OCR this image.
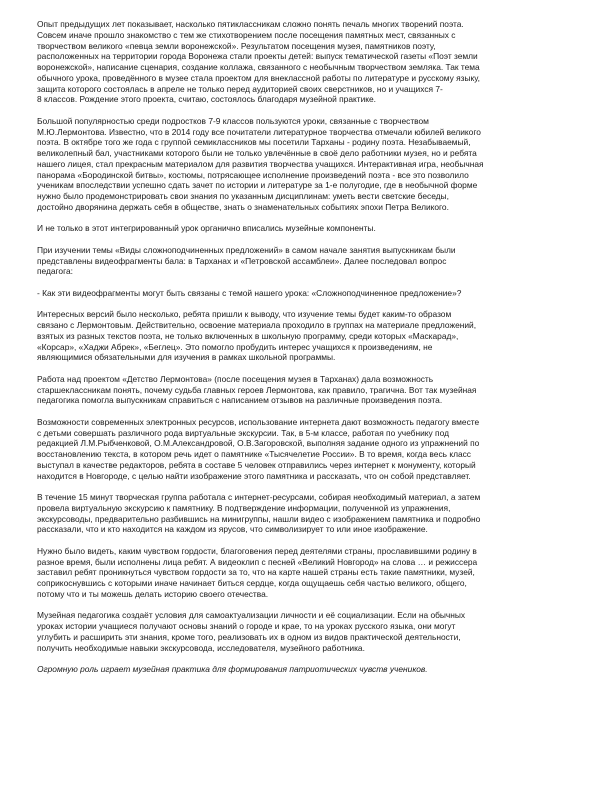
Опыт предыдущих лет показывает, насколько пятиклассникам сложно понять печаль многих творений поэта.
Совсем иначе прошло знакомство с тем же стихотворением после посещения памятных мест, связанных с
творчеством великого «певца земли воронежской». Результатом посещения музея, памятников поэту,
расположенных на территории города Воронежа стали проекты детей: выпуск тематической газеты «Поэт земли
воронежской», написание сценария, создание коллажа, связанного с необычным творчеством земляка. Так тема
обычного урока, проведённого в музее стала проектом для внеклассной работы по литературе и русскому языку,
защита которого состоялась в апреле не только перед аудиторией своих сверстников, но и учащихся 7-
8 классов. Рождение этого проекта, считаю, состоялось благодаря музейной практике.

Большой популярностью среди подростков 7-9 классов пользуются уроки, связанные с творчеством
М.Ю.Лермонтова. Известно, что в 2014 году все почитатели литературное творчества отмечали юбилей великого
поэта. В октябре того же года с группой семиклассников мы посетили Тарханы - родину поэта. Незабываемый,
великолепный бал, участниками которого были не только увлечённые в своё дело работники музея, но и ребята
нашего лицея, стал прекрасным материалом для развития творчества учащихся. Интерактивная игра, необычная
панорама «Бородинской битвы», костюмы, потрясающее исполнение произведений поэта - все это позволило
ученикам впоследствии успешно сдать зачет по истории и литературе за 1-е полугодие, где в необычной форме
нужно было продемонстрировать свои знания по указанным дисциплинам: уметь вести светские беседы,
достойно дворянина держать себя в обществе, знать о знаменательных событиях эпохи Петра Великого.

И не только в этот интегрированный урок органично вписались музейные компоненты.

При изучении темы «Виды сложноподчиненных предложений» в самом начале занятия выпускникам были
представлены видеофрагменты бала: в Тарханах и «Петровской ассамблеи». Далее последовал вопрос
педагога:

- Как эти видеофрагменты могут быть связаны с темой нашего урока: «Сложноподчиненное предложение»?

Интересных версий было несколько, ребята пришли к выводу, что изучение темы будет каким-то образом
связано с Лермонтовым. Действительно, освоение материала проходило в группах на материале предложений,
взятых из разных текстов поэта, не только включенных в школьную программу, среди которых «Маскарад»,
«Корсар», «Хаджи Абрек», «Беглец». Это помогло пробудить интерес учащихся к произведениям, не
являющимися обязательными для изучения в рамках школьной программы.

Работа над проектом «Детство Лермонтова» (после посещения музея в Тарханах) дала возможность
старшеклассникам понять, почему судьба главных героев Лермонтова, как правило, трагична. Вот так музейная
педагогика помогла выпускникам справиться с написанием отзывов на различные произведения поэта.

Возможности современных электронных ресурсов, использование интернета дают возможность педагогу вместе
с детьми совершать различного рода виртуальные экскурсии. Так, в 5-м классе, работая по учебнику под
редакцией Л.М.Рыбченковой, О.М.Александровой, О.В.Загоровской, выполняя задание одного из упражнений по
восстановлению текста, в котором речь идет о памятнике «Тысячелетие России». В то время, когда весь класс
выступал в качестве редакторов, ребята в составе 5 человек отправились через интернет к монументу, который
находится в Новгороде, с целью найти изображение этого памятника и рассказать, что он собой представляет.

В течение 15 минут творческая группа работала с интернет-ресурсами, собирая необходимый материал, а затем
провела виртуальную экскурсию к памятнику. В подтверждение информации, полученной из упражнения,
экскурсоводы, предварительно разбившись на минигруппы, нашли видео с изображением памятника и подробно
рассказали, что и кто находится на каждом из ярусов, что символизирует то или иное изображение.

Нужно было видеть, каким чувством гордости, благоговения перед деятелями страны, прославившими родину в
разное время, были исполнены лица ребят. А видеоклип с песней «Великий Новгород» на слова … и режиссера
заставил ребят проникнуться чувством гордости за то, что на карте нашей страны есть такие памятники, музей,
соприкоснувшись с которыми иначе начинает биться сердце, когда ощущаешь себя частью великого, общего,
потому что и ты можешь делать историю своего отечества.

Музейная педагогика создаёт условия для самоактуализации личности и её социализации. Если на обычных
уроках истории учащиеся получают основы знаний о городе и крае, то на уроках русского языка, они могут
углубить и расширить эти знания, кроме того, реализовать их в одном из видов практической деятельности,
получить необходимые навыки экскурсовода, исследователя, музейного работника.

Огромную роль играет музейная практика для формирования патриотических чувств учеников.
